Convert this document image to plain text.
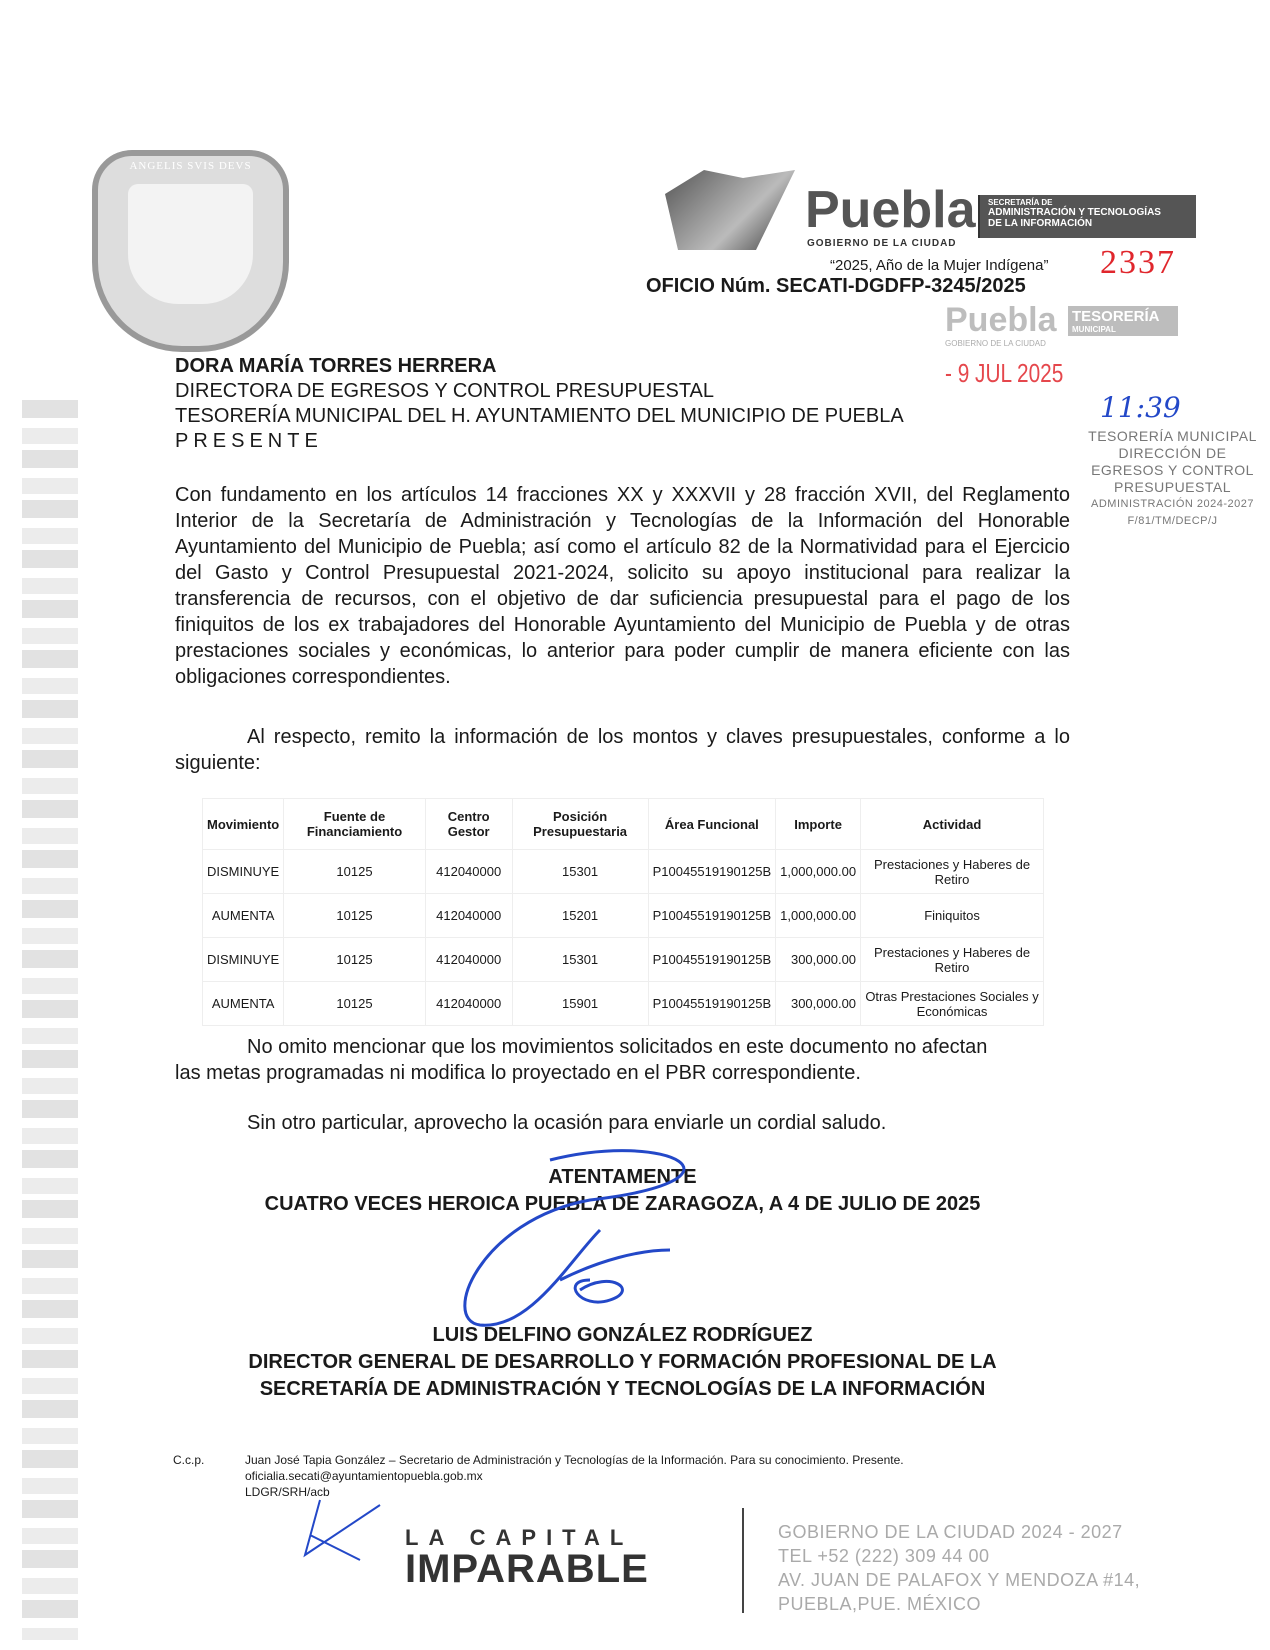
ANGELIS SVIS DEVS
Puebla
GOBIERNO DE LA CIUDAD
SECRETARÍA DE
ADMINISTRACIÓN Y TECNOLOGÍAS
DE LA INFORMACIÓN
“2025, Año de la Mujer Indígena” 2337
OFICIO Núm. SECATI-DGDFP-3245/2025
Puebla TESORERÍA
MUNICIPAL
GOBIERNO DE LA CIUDAD
- 9 JUL 2025
11:39
TESORERÍA MUNICIPAL
DIRECCIÓN DE EGRESOS Y CONTROL
PRESUPUESTAL
ADMINISTRACIÓN 2024-2027
F/81/TM/DECP/J
DORA MARÍA TORRES HERRERA
DIRECTORA DE EGRESOS Y CONTROL PRESUPUESTAL
TESORERÍA MUNICIPAL DEL H. AYUNTAMIENTO DEL MUNICIPIO DE PUEBLA
PRESENTE
Con fundamento en los artículos 14 fracciones XX y XXXVII y 28 fracción XVII, del Reglamento Interior de la Secretaría de Administración y Tecnologías de la Información del Honorable Ayuntamiento del Municipio de Puebla; así como el artículo 82 de la Normatividad para el Ejercicio del Gasto y Control Presupuestal 2021-2024, solicito su apoyo institucional para realizar la transferencia de recursos, con el objetivo de dar suficiencia presupuestal para el pago de los finiquitos de los ex trabajadores del Honorable Ayuntamiento del Municipio de Puebla y de otras prestaciones sociales y económicas, lo anterior para poder cumplir de manera eficiente con las obligaciones correspondientes.
Al respecto, remito la información de los montos y claves presupuestales, conforme a lo siguiente:
Movimiento	Fuente de Financiamiento	Centro Gestor	Posición Presupuestaria	Área Funcional	Importe	Actividad
DISMINUYE	10125	412040000	15301	P10045519190125B	1,000,000.00	Prestaciones y Haberes de Retiro
AUMENTA	10125	412040000	15201	P10045519190125B	1,000,000.00	Finiquitos
DISMINUYE	10125	412040000	15301	P10045519190125B	300,000.00	Prestaciones y Haberes de Retiro
AUMENTA	10125	412040000	15901	P10045519190125B	300,000.00	Otras Prestaciones Sociales y Económicas
No omito mencionar que los movimientos solicitados en este documento no afectan
las metas programadas ni modifica lo proyectado en el PBR correspondiente.
Sin otro particular, aprovecho la ocasión para enviarle un cordial saludo.
ATENTAMENTE
CUATRO VECES HEROICA PUEBLA DE ZARAGOZA, A 4 DE JULIO DE 2025
LUIS DELFINO GONZÁLEZ RODRÍGUEZ
DIRECTOR GENERAL DE DESARROLLO Y FORMACIÓN PROFESIONAL DE LA
SECRETARÍA DE ADMINISTRACIÓN Y TECNOLOGÍAS DE LA INFORMACIÓN
C.c.p.	Juan José Tapia González – Secretario de Administración y Tecnologías de la Información. Para su conocimiento. Presente.
oficialia.secati@ayuntamientopuebla.gob.mx
LDGR/SRH/acb
LA CAPITAL
IMPARABLE
GOBIERNO DE LA CIUDAD 2024 - 2027
TEL +52 (222) 309 44 00
AV. JUAN DE PALAFOX Y MENDOZA #14,
PUEBLA,PUE. MÉXICO
